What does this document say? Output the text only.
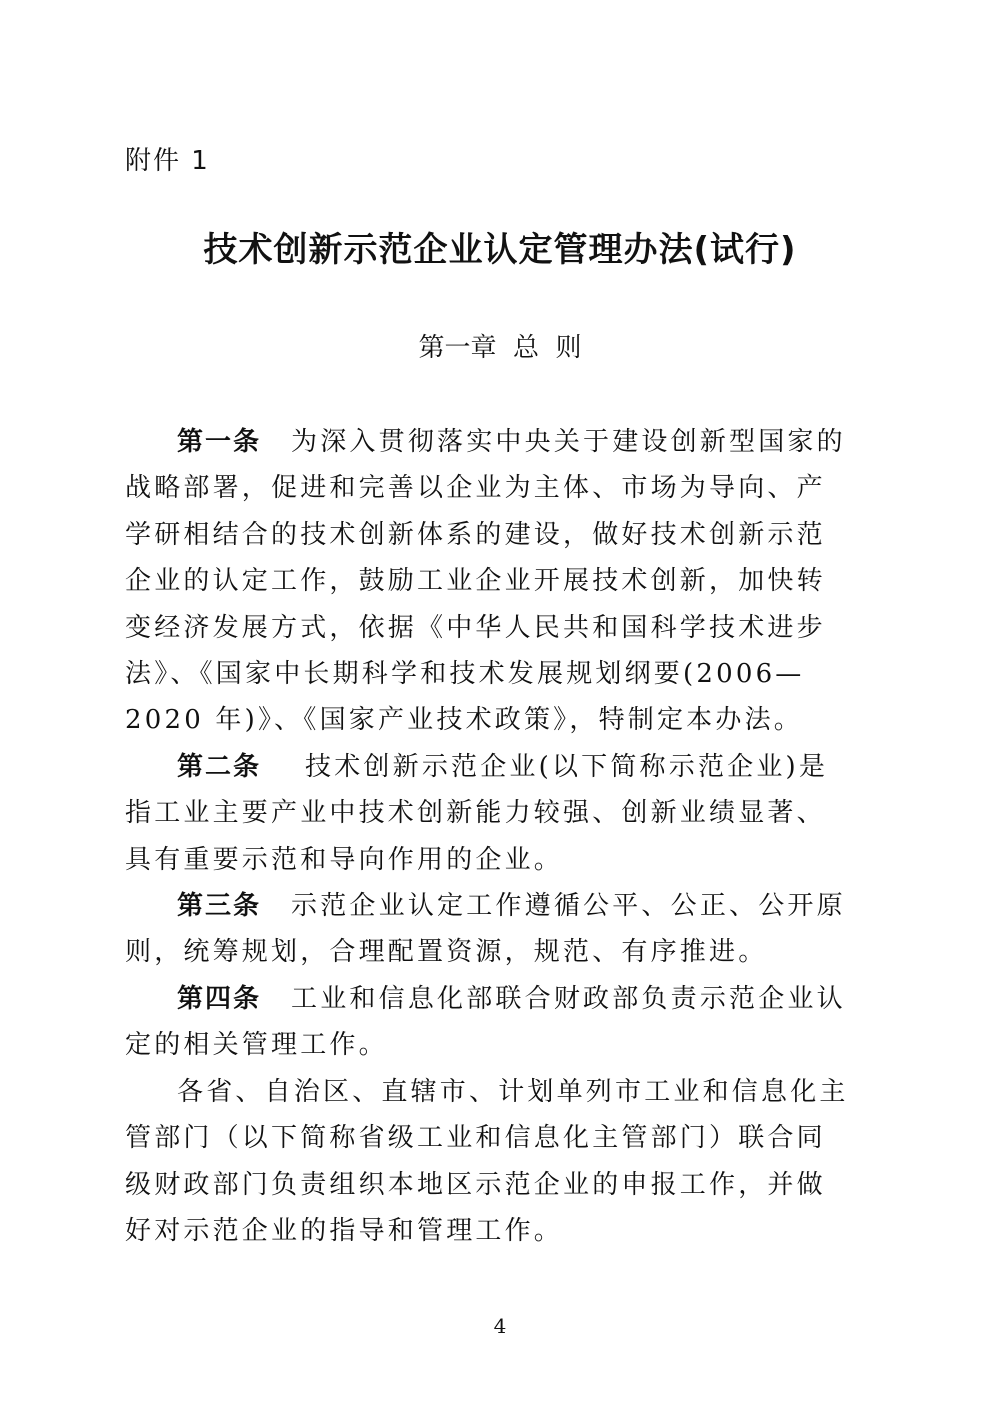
附件 1
技术创新示范企业认定管理办法(试行)
第一章  总  则

第一条 为深入贯彻落实中央关于建设创新型国家的战略部署，促进和完善以企业为主体、市场为导向、产学研相结合的技术创新体系的建设，做好技术创新示范企业的认定工作，鼓励工业企业开展技术创新，加快转变经济发展方式，依据《中华人民共和国科学技术进步法》、《国家中长期科学和技术发展规划纲要(2006—2020 年)》、《国家产业技术政策》，特制定本办法。

第二条 技术创新示范企业(以下简称示范企业)是指工业主要产业中技术创新能力较强、创新业绩显著、具有重要示范和导向作用的企业。

第三条 示范企业认定工作遵循公平、公正、公开原则，统筹规划，合理配置资源，规范、有序推进。

第四条 工业和信息化部联合财政部负责示范企业认定的相关管理工作。

各省、自治区、直辖市、计划单列市工业和信息化主管部门（以下简称省级工业和信息化主管部门）联合同级财政部门负责组织本地区示范企业的申报工作，并做好对示范企业的指导和管理工作。

4
